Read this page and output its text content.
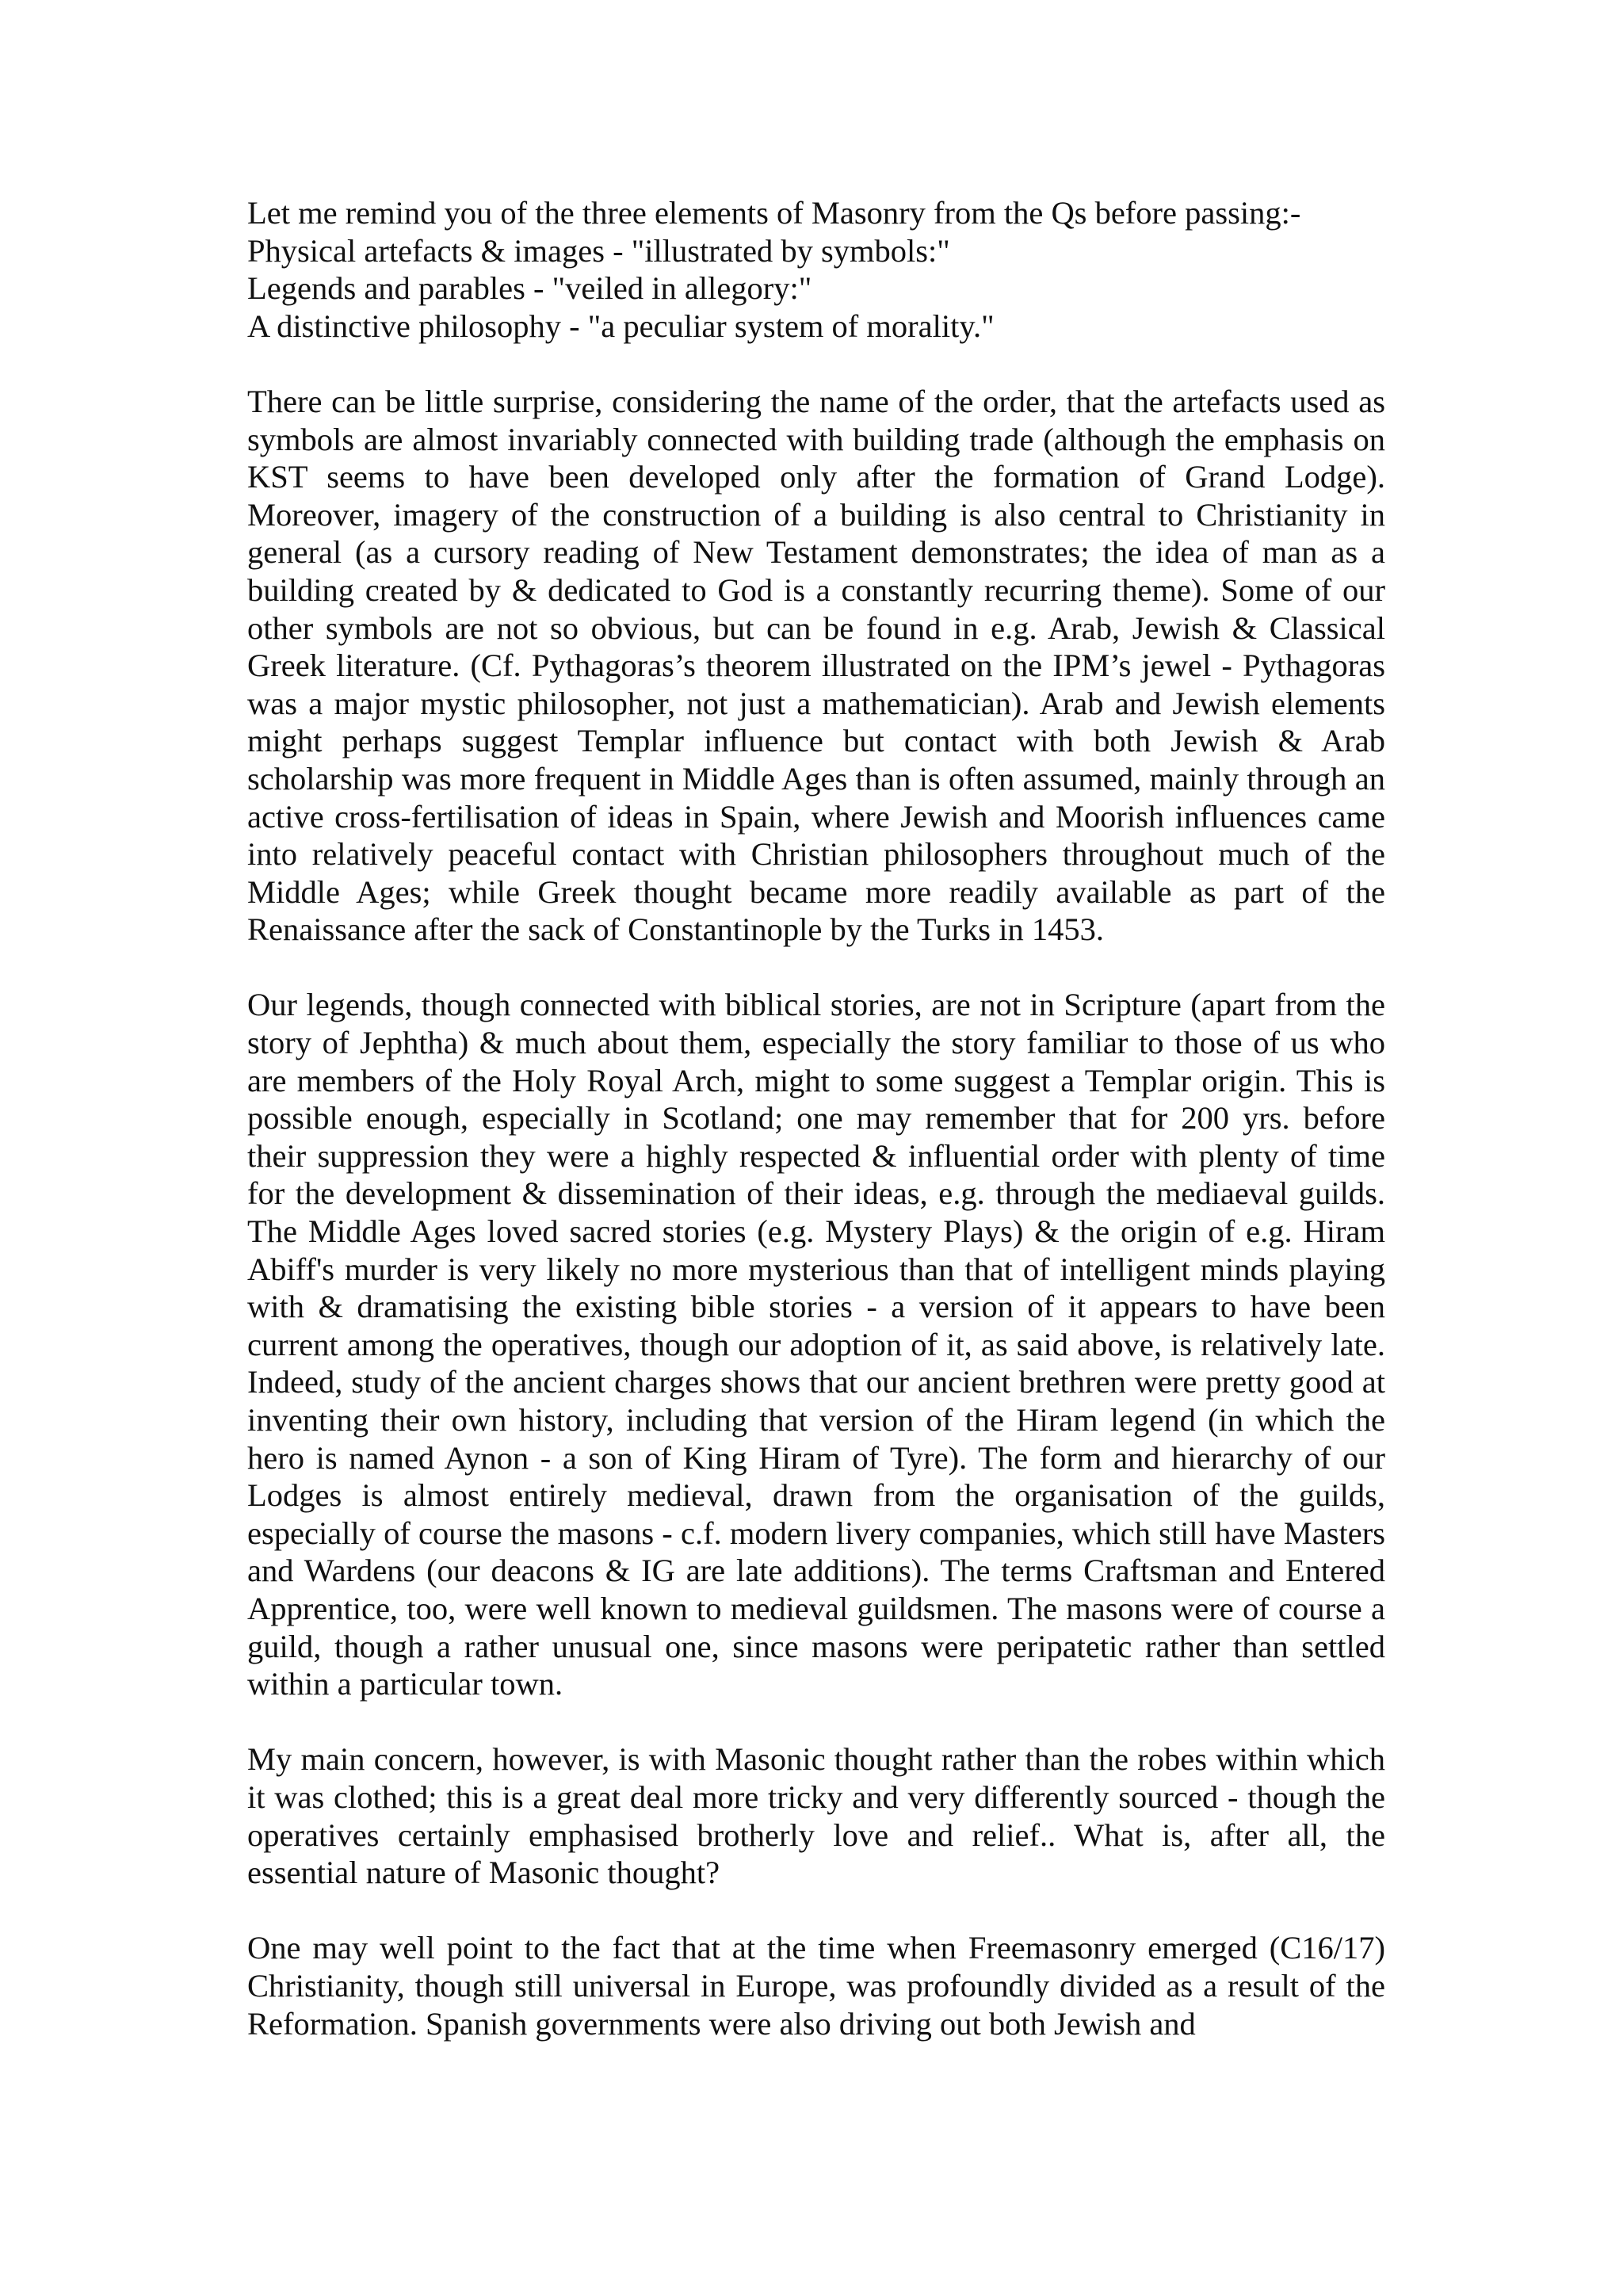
Let me remind you of the three elements of Masonry from the Qs before passing:-
Physical artefacts & images - "illustrated by symbols:"
Legends and parables - "veiled in allegory:"
A distinctive philosophy - "a peculiar system of morality."

There can be little surprise, considering the name of the order, that the artefacts used as symbols are almost invariably connected with building trade (although the emphasis on KST seems to have been developed only after the formation of Grand Lodge). Moreover, imagery of the construction of a building is also central to Christianity in general (as a cursory reading of New Testament demonstrates; the idea of man as a building created by & dedicated to God is a constantly recurring theme). Some of our other symbols are not so obvious, but can be found in e.g. Arab, Jewish & Classical Greek literature. (Cf. Pythagoras’s theorem illustrated on the IPM’s jewel - Pythagoras was a major mystic philosopher, not just a mathematician). Arab and Jewish elements might perhaps suggest Templar influence but contact with both Jewish & Arab scholarship was more frequent in Middle Ages than is often assumed, mainly through an active cross-fertilisation of ideas in Spain, where Jewish and Moorish influences came into relatively peaceful contact with Christian philosophers throughout much of the Middle Ages; while Greek thought became more readily available as part of the Renaissance after the sack of Constantinople by the Turks in 1453.

Our legends, though connected with biblical stories, are not in Scripture (apart from the story of Jephtha) & much about them, especially the story familiar to those of us who are members of the Holy Royal Arch, might to some suggest a Templar origin. This is possible enough, especially in Scotland; one may remember that for 200 yrs. before their suppression they were a highly respected & influential order with plenty of time for the development & dissemination of their ideas, e.g. through the mediaeval guilds. The Middle Ages loved sacred stories (e.g. Mystery Plays) & the origin of e.g. Hiram Abiff's murder is very likely no more mysterious than that of intelligent minds playing with & dramatising the existing bible stories - a version of it appears to have been current among the operatives, though our adoption of it, as said above, is relatively late. Indeed, study of the ancient charges shows that our ancient brethren were pretty good at inventing their own history, including that version of the Hiram legend (in which the hero is named Aynon - a son of King Hiram of Tyre). The form and hierarchy of our Lodges is almost entirely medieval, drawn from the organisation of the guilds, especially of course the masons - c.f. modern livery companies, which still have Masters and Wardens (our deacons & IG are late additions). The terms Craftsman and Entered Apprentice, too, were well known to medieval guildsmen. The masons were of course a guild, though a rather unusual one, since masons were peripatetic rather than settled within a particular town.

My main concern, however, is with Masonic thought rather than the robes within which it was clothed; this is a great deal more tricky and very differently sourced - though the operatives certainly emphasised brotherly love and relief.. What is, after all, the essential nature of Masonic thought?

One may well point to the fact that at the time when Freemasonry emerged (C16/17) Christianity, though still universal in Europe, was profoundly divided as a result of the Reformation. Spanish governments were also driving out both Jewish and
